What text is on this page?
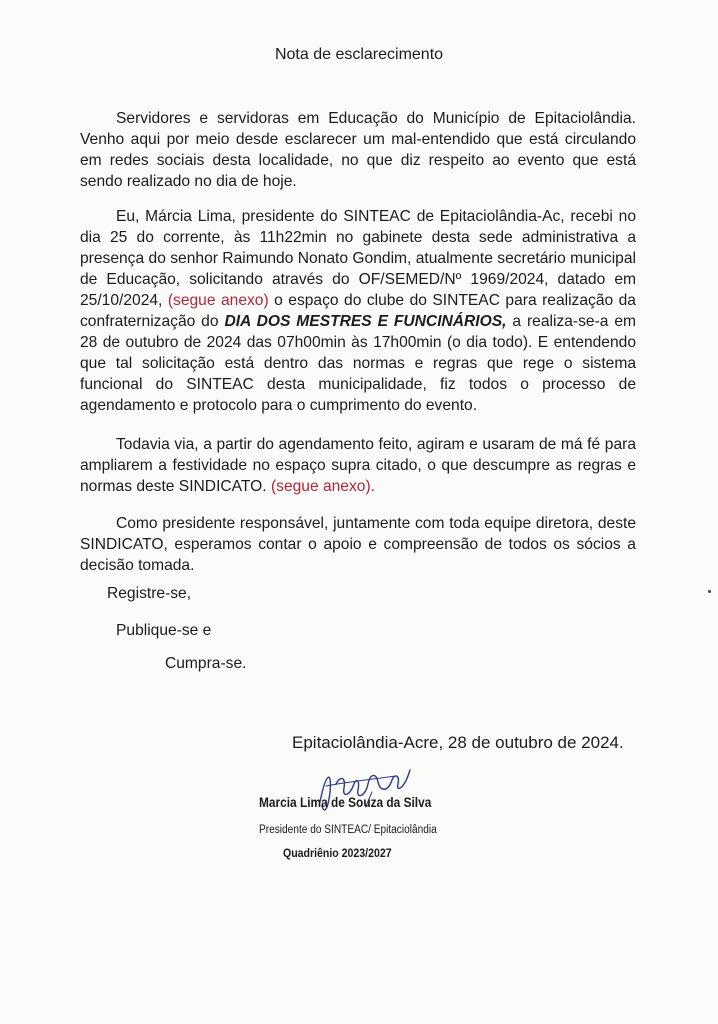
Nota de esclarecimento

Servidores e servidoras em Educação do Município de Epitaciolândia. Venho aqui por meio desde esclarecer um mal-entendido que está circulando em redes sociais desta localidade, no que diz respeito ao evento que está sendo realizado no dia de hoje.

Eu, Márcia Lima, presidente do SINTEAC de Epitaciolândia-Ac, recebi no dia 25 do corrente, às 11h22min no gabinete desta sede administrativa a presença do senhor Raimundo Nonato Gondim, atualmente secretário municipal de Educação, solicitando através do OF/SEMED/Nº 1969/2024, datado em 25/10/2024, (segue anexo) o espaço do clube do SINTEAC para realização da confraternização do DIA DOS MESTRES E FUNCINÁRIOS, a realiza-se-a em 28 de outubro de 2024 das 07h00min às 17h00min (o dia todo). E entendendo que tal solicitação está dentro das normas e regras que rege o sistema funcional do SINTEAC desta municipalidade, fiz todos o processo de agendamento e protocolo para o cumprimento do evento.

Todavia via, a partir do agendamento feito, agiram e usaram de má fé para ampliarem a festividade no espaço supra citado, o que descumpre as regras e normas deste SINDICATO. (segue anexo).

Como presidente responsável, juntamente com toda equipe diretora, deste SINDICATO, esperamos contar o apoio e compreensão de todos os sócios a decisão tomada.

Registre-se,
Publique-se e
Cumpra-se.
Epitaciolândia-Acre, 28 de outubro de 2024.
Marcia Lima de Souza da Silva
Presidente do SINTEAC/ Epitaciolândia
Quadriênio 2023/2027
